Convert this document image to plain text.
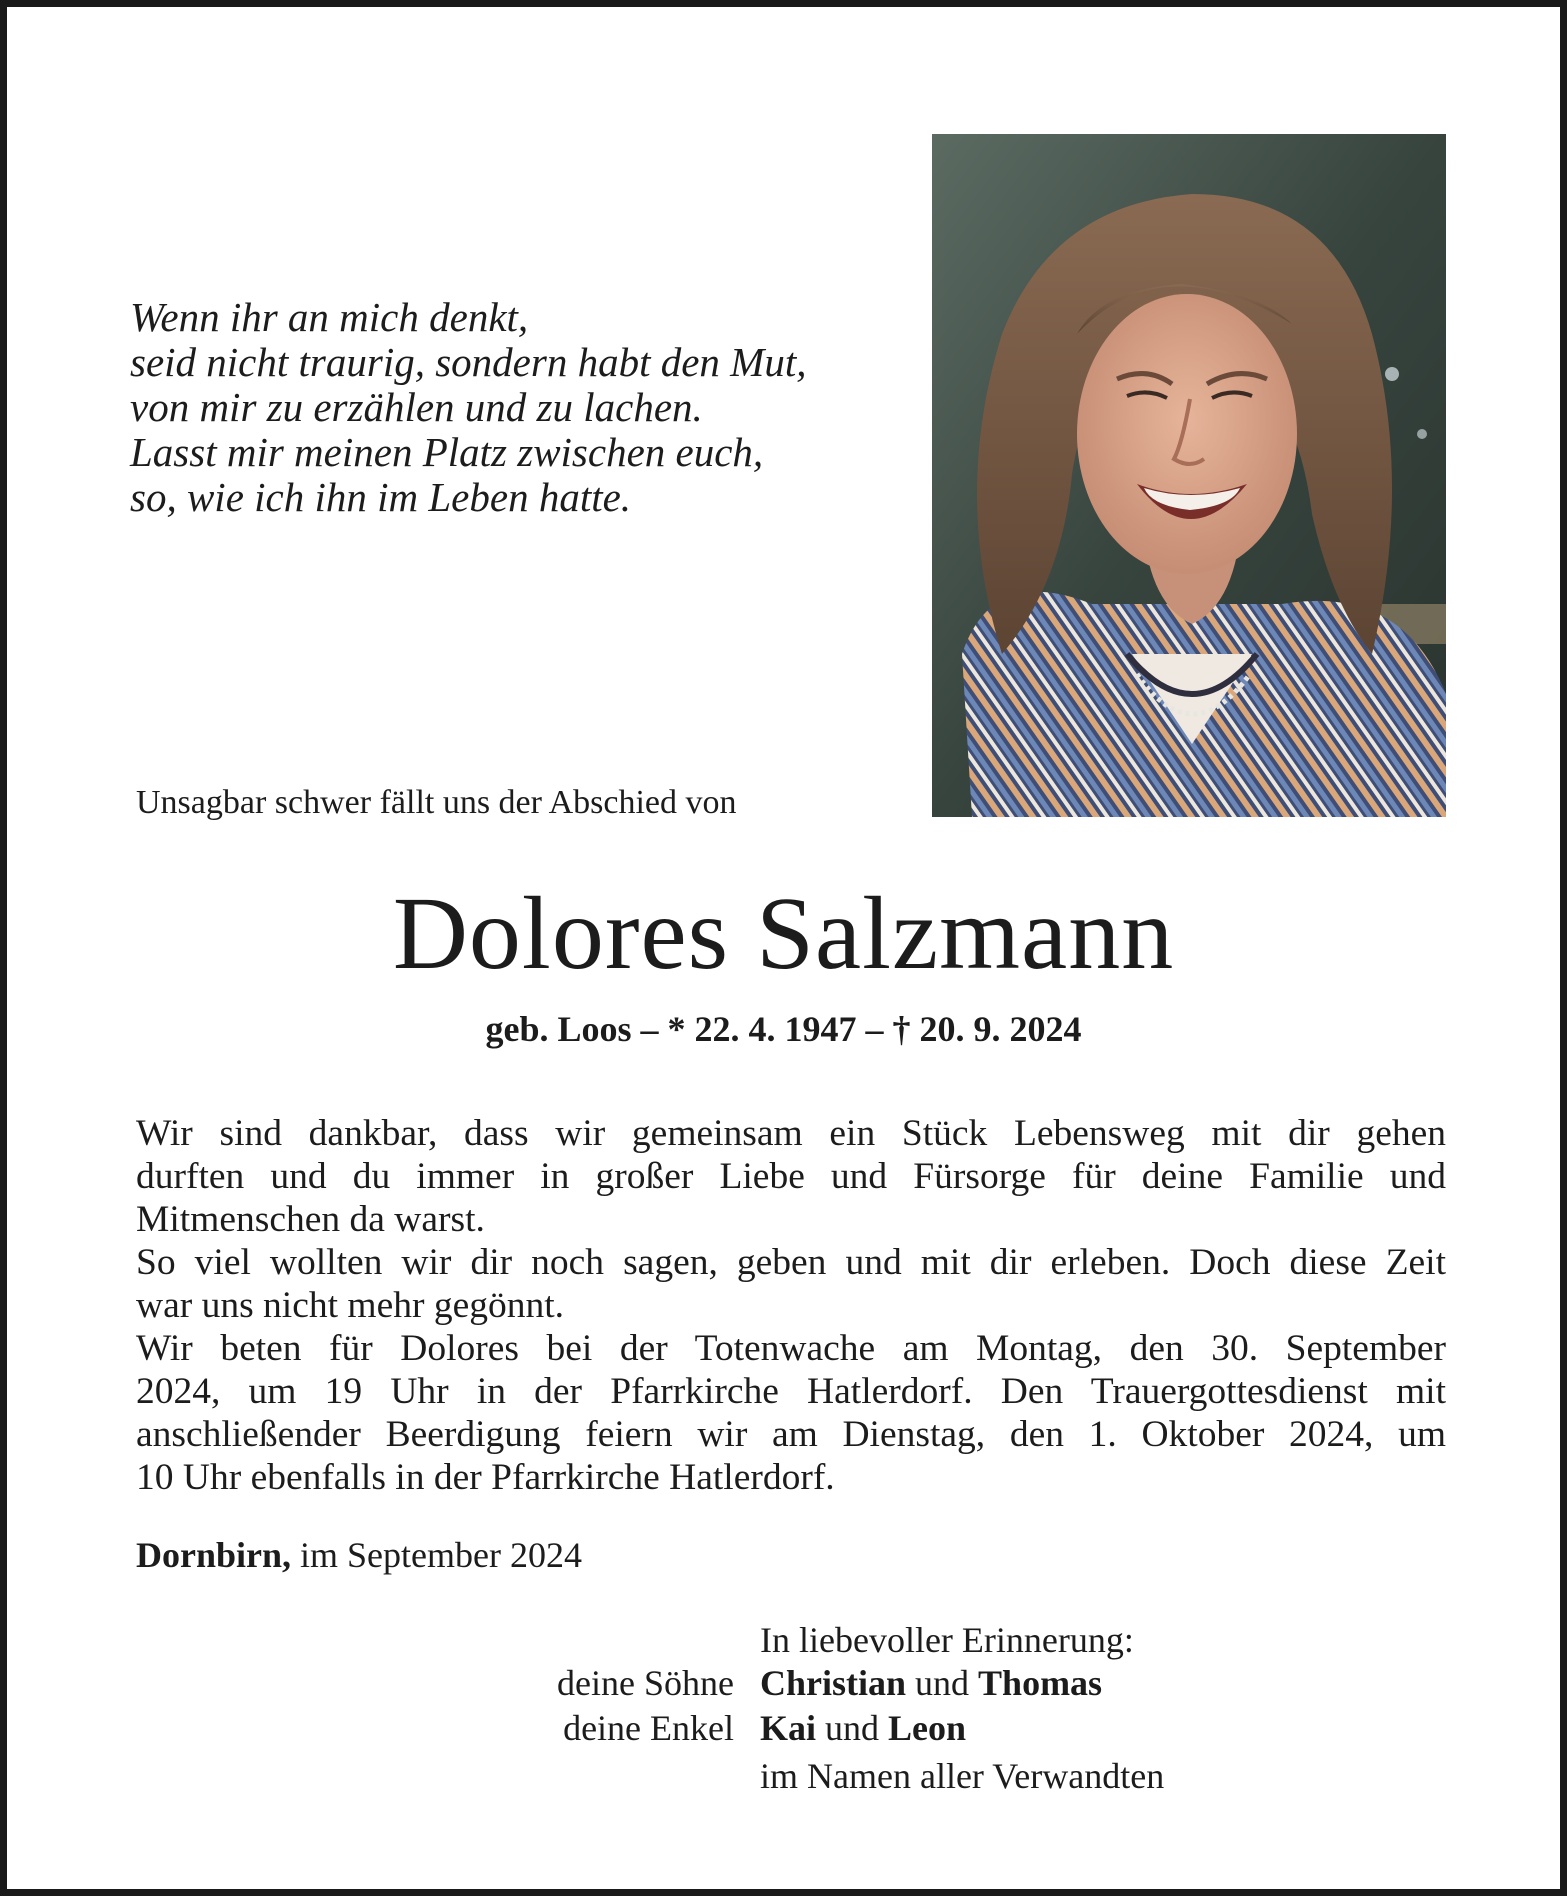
Wenn ihr an mich denkt,
seid nicht traurig, sondern habt den Mut,
von mir zu erzählen und zu lachen.
Lasst mir meinen Platz zwischen euch,
so, wie ich ihn im Leben hatte.
Unsagbar schwer fällt uns der Abschied von
Dolores Salzmann
geb. Loos – * 22. 4. 1947 – † 20. 9. 2024
Wir sind dankbar, dass wir gemeinsam ein Stück Lebensweg mit dir gehen
durften und du immer in großer Liebe und Fürsorge für deine Familie und
Mitmenschen da warst.
So viel wollten wir dir noch sagen, geben und mit dir erleben. Doch diese Zeit
war uns nicht mehr gegönnt.
Wir beten für Dolores bei der Totenwache am Montag, den 30. September
2024, um 19 Uhr in der Pfarrkirche Hatlerdorf. Den Trauergottesdienst mit
anschließender Beerdigung feiern wir am Dienstag, den 1. Oktober 2024, um
10 Uhr ebenfalls in der Pfarrkirche Hatlerdorf.
Dornbirn, im September 2024
In liebevoller Erinnerung:
deine Söhne Christian und Thomas
deine Enkel Kai und Leon
im Namen aller Verwandten
